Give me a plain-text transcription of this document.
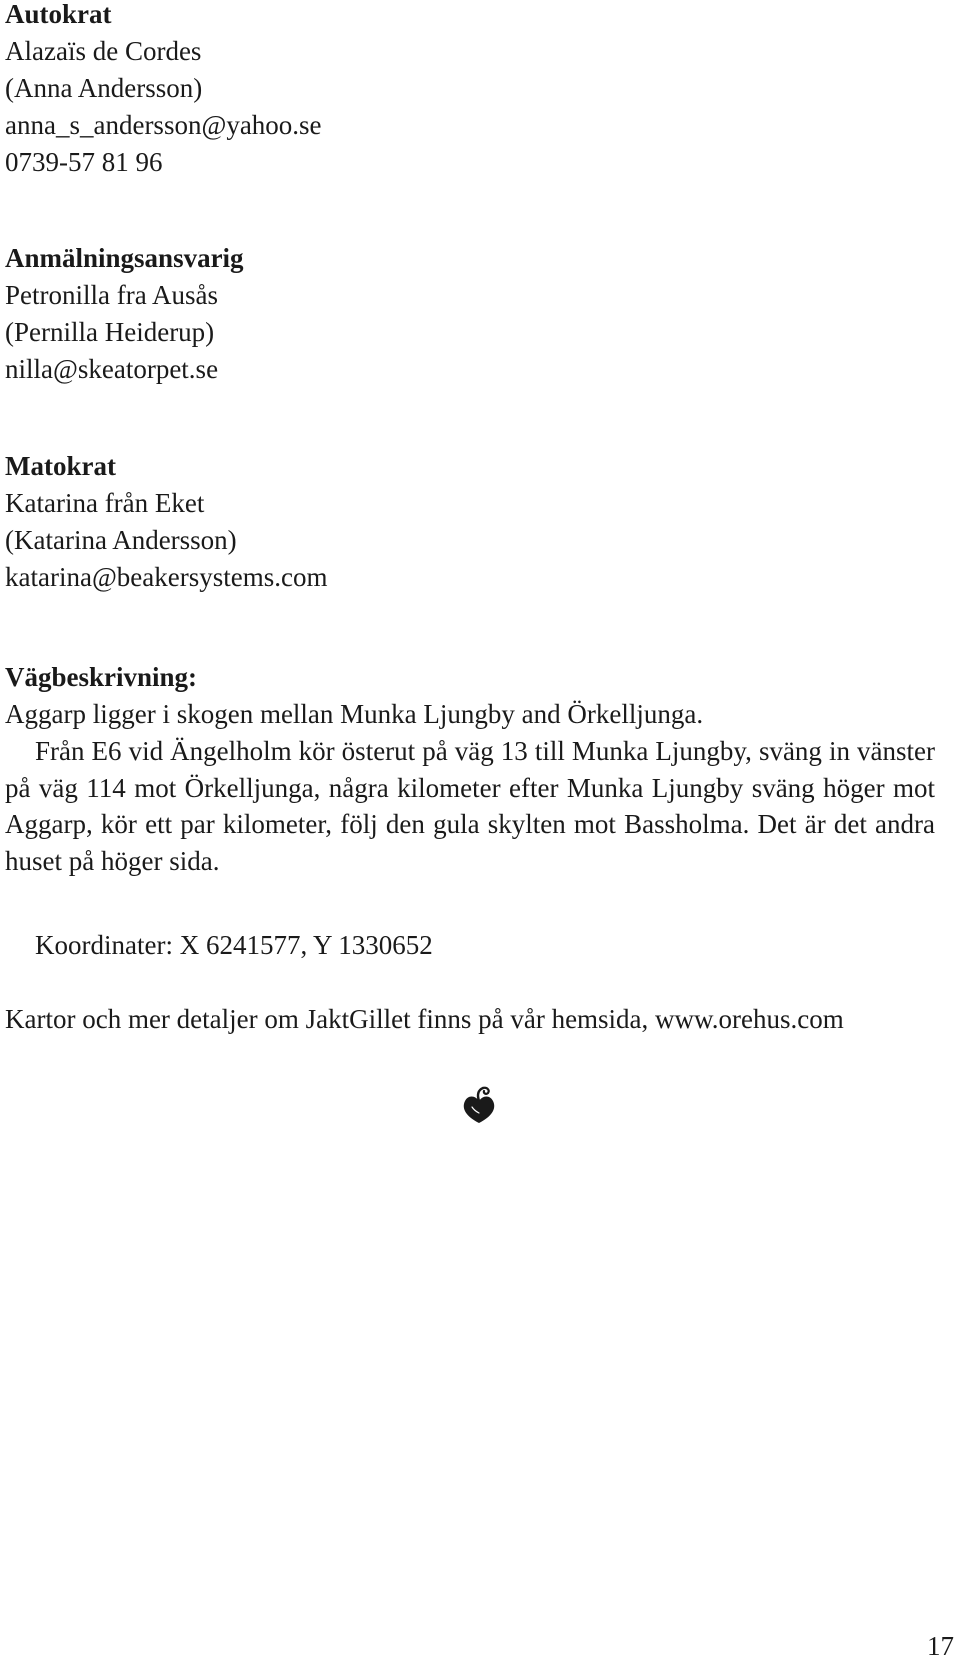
Autokrat
Alazaïs de Cordes
(Anna Andersson)
anna_s_andersson@yahoo.se
0739-57 81 96
Anmälningsansvarig
Petronilla fra Ausås
(Pernilla Heiderup)
nilla@skeatorpet.se
Matokrat
Katarina från Eket
(Katarina Andersson)
katarina@beakersystems.com
Vägbeskrivning:
Aggarp ligger i skogen mellan Munka Ljungby and Örkelljunga.
Från E6 vid Ängelholm kör österut på väg 13 till Munka Ljungby, sväng in vänster på väg 114 mot Örkelljunga, några kilometer efter Munka Ljungby sväng höger mot Aggarp, kör ett par kilometer, följ den gula skylten mot Bassholma. Det är det andra huset på höger sida.
Koordinater: X 6241577, Y 1330652
Kartor och mer detaljer om JaktGillet finns på vår hemsida, www.orehus.com
17
